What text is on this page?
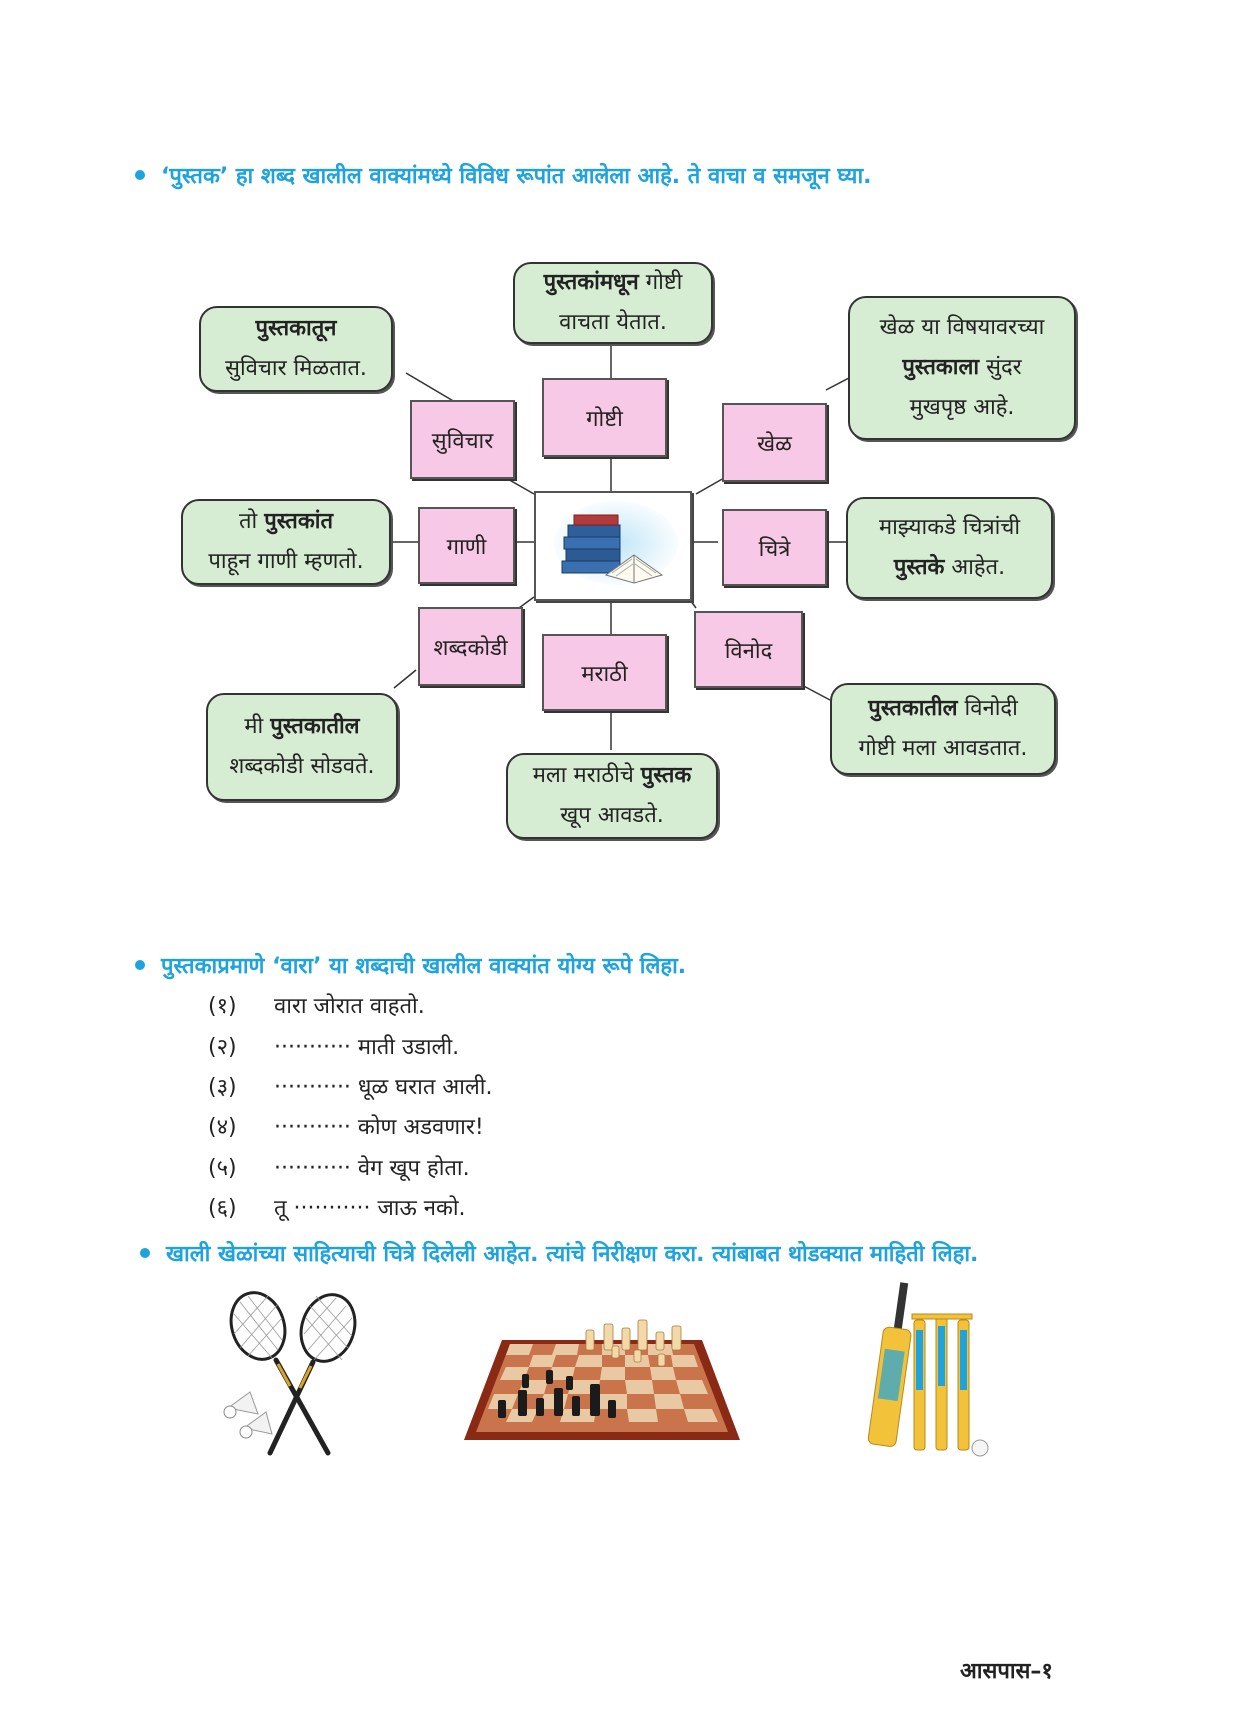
‘पुस्तक’ हा शब्द खालील वाक्यांमध्ये विविध रूपांत आलेला आहे. ते वाचा व समजून घ्या.
गोष्टी
सुविचार	खेळ
गाणी	चित्रे
शब्दकोडी
मराठी
विनोद
पुस्तकांमधून गोष्टी
वाचता येतात.
पुस्तकातून
सुविचार मिळतात.
खेळ या विषयावरच्या
पुस्तकाला सुंदर
मुखपृष्ठ आहे.
तो पुस्तकांत
पाहून गाणी म्हणतो.
माझ्याकडे चित्रांची
पुस्तके आहेत.
मी पुस्तकातील
शब्दकोडी सोडवते.	मला मराठीचे पुस्तक
खूप आवडते.
पुस्तकातील विनोदी
गोष्टी मला आवडतात.
पुस्तकाप्रमाणे ‘वारा’ या शब्दाची खालील वाक्यांत योग्य रूपे लिहा.
(१) वारा जोरात वाहतो.
(२) ··········· माती उडाली.
(३) ··········· धूळ घरात आली.
(४) ··········· कोण अडवणार!
(५) ··········· वेग खूप होता.
(६) तू ··········· जाऊ नको.
खाली खेळांच्या साहित्याची चित्रे दिलेली आहेत. त्यांचे निरीक्षण करा. त्यांबाबत थोडक्यात माहिती लिहा.
आसपास–१
